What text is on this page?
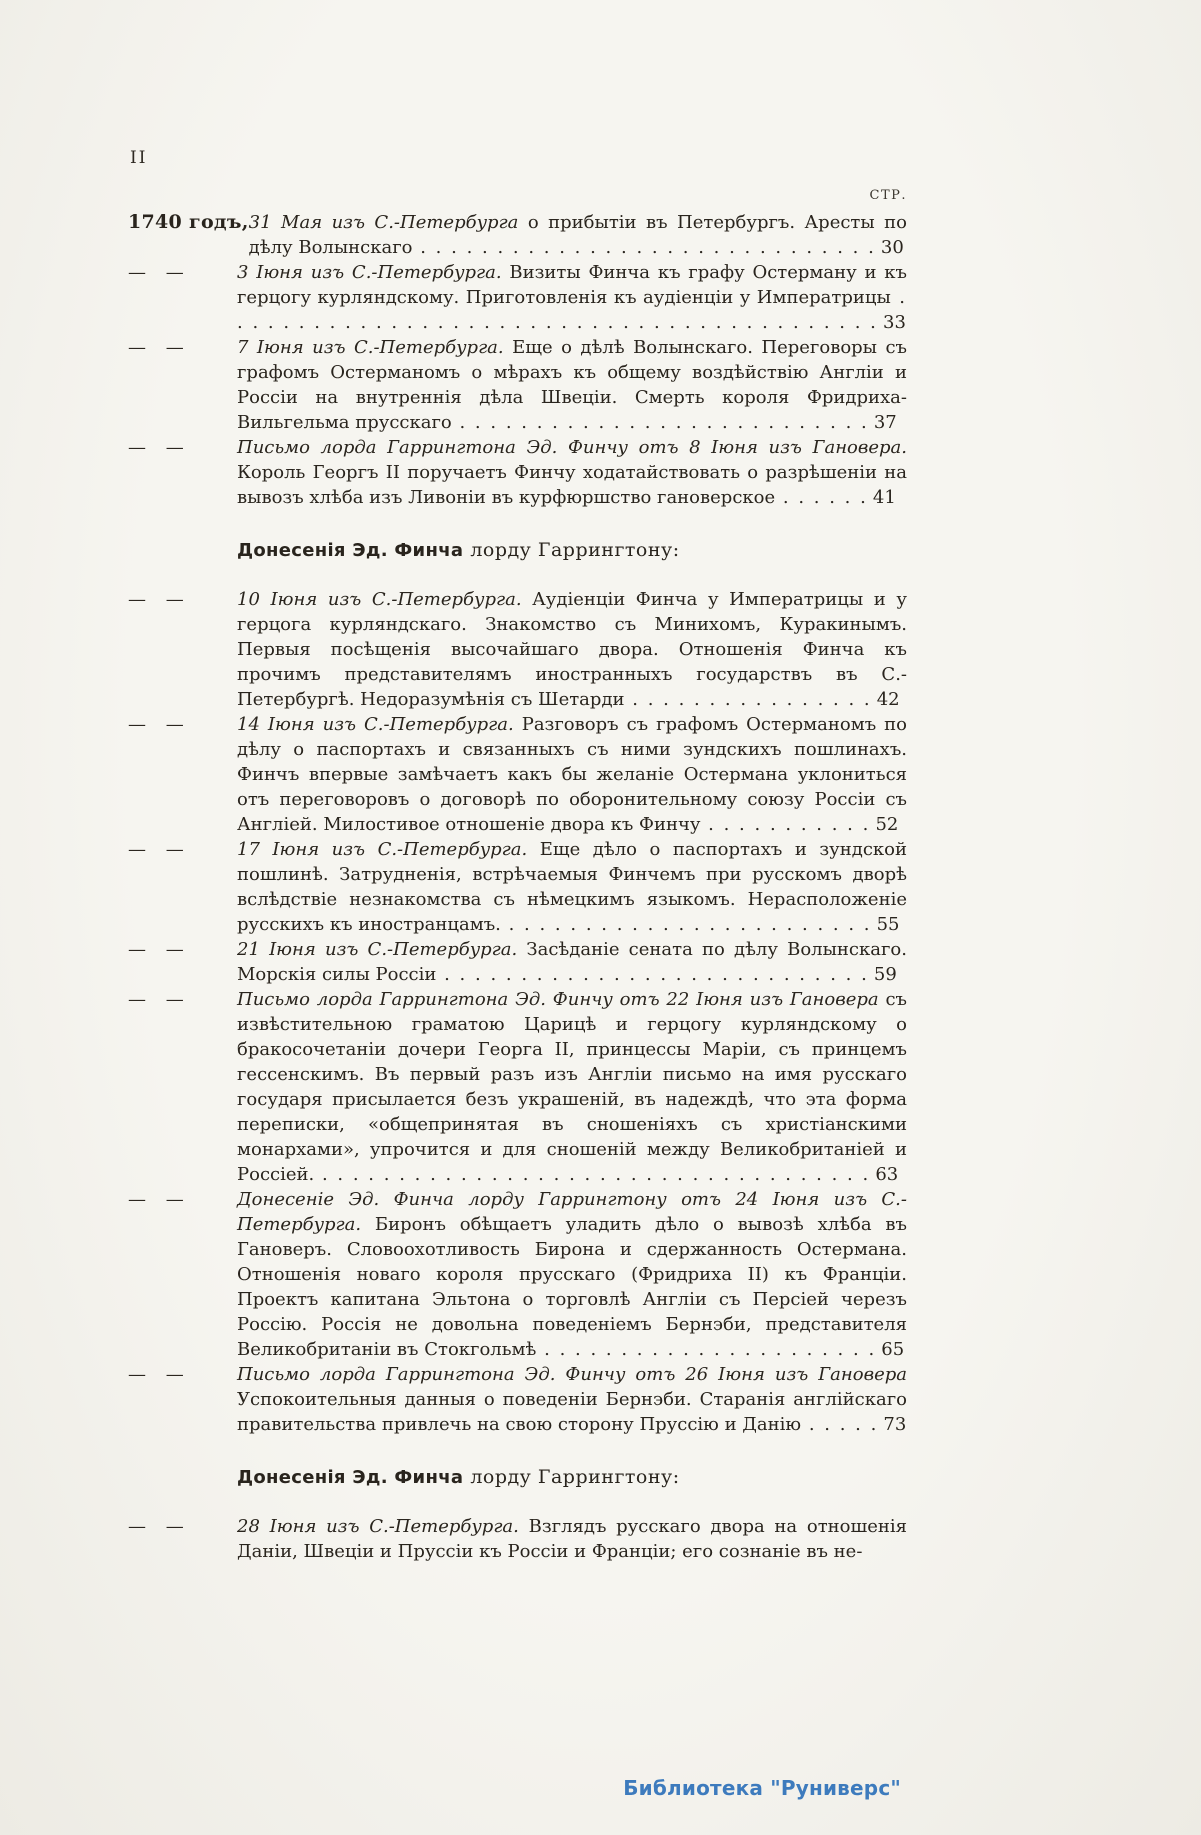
II
СТР.
1740 годъ, 31 Мая изъ С.-Петербурга о прибытіи въ Петербургъ. Аресты по дѣлу Волынскаго . . . . . . . . . . . . . . . . . . . . . . . . . . . . . . 30
— —	3 Іюня изъ С.-Петербурга. Визиты Финча къ графу Остерману и къ герцогу курляндскому. Приготовленія къ аудіенціи у Императрицы . . . . . . . . . . . . . . . . . . . . . . . . . . . . . . . . . . . . . . . . . . . 33
— —	7 Іюня изъ С.-Петербурга. Еще о дѣлѣ Волынскаго. Переговоры съ графомъ Остерманомъ о мѣрахъ къ общему воздѣйствію Англіи и Россіи на внутреннія дѣла Швеціи. Смерть короля Фридриха-Вильгельма прусскаго . . . . . . . . . . . . . . . . . . . . . . . . . . . 37
— —	Письмо лорда Гаррингтона Эд. Финчу отъ 8 Іюня изъ Гановера. Король Георгъ II поручаетъ Финчу ходатайствовать о разрѣшеніи на вывозъ хлѣба изъ Ливоніи въ курфюршство гановерское . . . . . . 41
Донесенія Эд. Финча лорду Гаррингтону:
— —	10 Іюня изъ С.-Петербурга. Аудіенціи Финча у Императрицы и у герцога курляндскаго. Знакомство съ Минихомъ, Куракинымъ. Первыя посѣщенія высочайшаго двора. Отношенія Финча къ прочимъ представителямъ иностранныхъ государствъ въ С.-Петербургѣ. Недоразумѣнія съ Шетарди . . . . . . . . . . . . . . . . 42
— —	14 Іюня изъ С.-Петербурга. Разговоръ съ графомъ Остерманомъ по дѣлу о паспортахъ и связанныхъ съ ними зундскихъ пошлинахъ. Финчъ впервые замѣчаетъ какъ бы желаніе Остермана уклониться отъ переговоровъ о договорѣ по оборонительному союзу Россіи съ Англіей. Милостивое отношеніе двора къ Финчу . . . . . . . . . . . 52
— —	17 Іюня изъ С.-Петербурга. Еще дѣло о паспортахъ и зундской пошлинѣ. Затрудненія, встрѣчаемыя Финчемъ при русскомъ дворѣ вслѣдствіе незнакомства съ нѣмецкимъ языкомъ. Нерасположеніе русскихъ къ иностранцамъ. . . . . . . . . . . . . . . . . . . . . . . . . 55
— —	21 Іюня изъ С.-Петербурга. Засѣданіе сената по дѣлу Волынскаго. Морскія силы Россіи . . . . . . . . . . . . . . . . . . . . . . . . . . . . 59
— —	Письмо лорда Гаррингтона Эд. Финчу отъ 22 Іюня изъ Гановера съ извѣстительною граматою Царицѣ и герцогу курляндскому о бракосочетаніи дочери Георга II, принцессы Маріи, съ принцемъ гессенскимъ. Въ первый разъ изъ Англіи письмо на имя русскаго государя присылается безъ украшеній, въ надеждѣ, что эта форма переписки, «общепринятая въ сношеніяхъ съ христіанскими монархами», упрочится и для сношеній между Великобританіей и Россіей. . . . . . . . . . . . . . . . . . . . . . . . . . . . . . . . . . . . . 63
— —	Донесеніе Эд. Финча лорду Гаррингтону отъ 24 Іюня изъ С.-Петербурга. Биронъ обѣщаетъ уладить дѣло о вывозѣ хлѣба въ Гановеръ. Словоохотливость Бирона и сдержанность Остермана. Отношенія новаго короля прусскаго (Фридриха II) къ Франціи. Проектъ капитана Эльтона о торговлѣ Англіи съ Персіей черезъ Россію. Россія не довольна поведеніемъ Бернэби, представителя Великобританіи въ Стокгольмѣ . . . . . . . . . . . . . . . . . . . . . . 65
— —	Письмо лорда Гаррингтона Эд. Финчу отъ 26 Іюня изъ Гановера Успокоительныя данныя о поведеніи Бернэби. Старанія англійскаго правительства привлечь на свою сторону Пруссію и Данію . . . . . 73
Донесенія Эд. Финча лорду Гаррингтону:
— —	28 Іюня изъ С.-Петербурга. Взглядъ русскаго двора на отношенія Даніи, Швеціи и Пруссіи къ Россіи и Франціи; его сознаніе въ не-
Библиотека "Руниверс"
